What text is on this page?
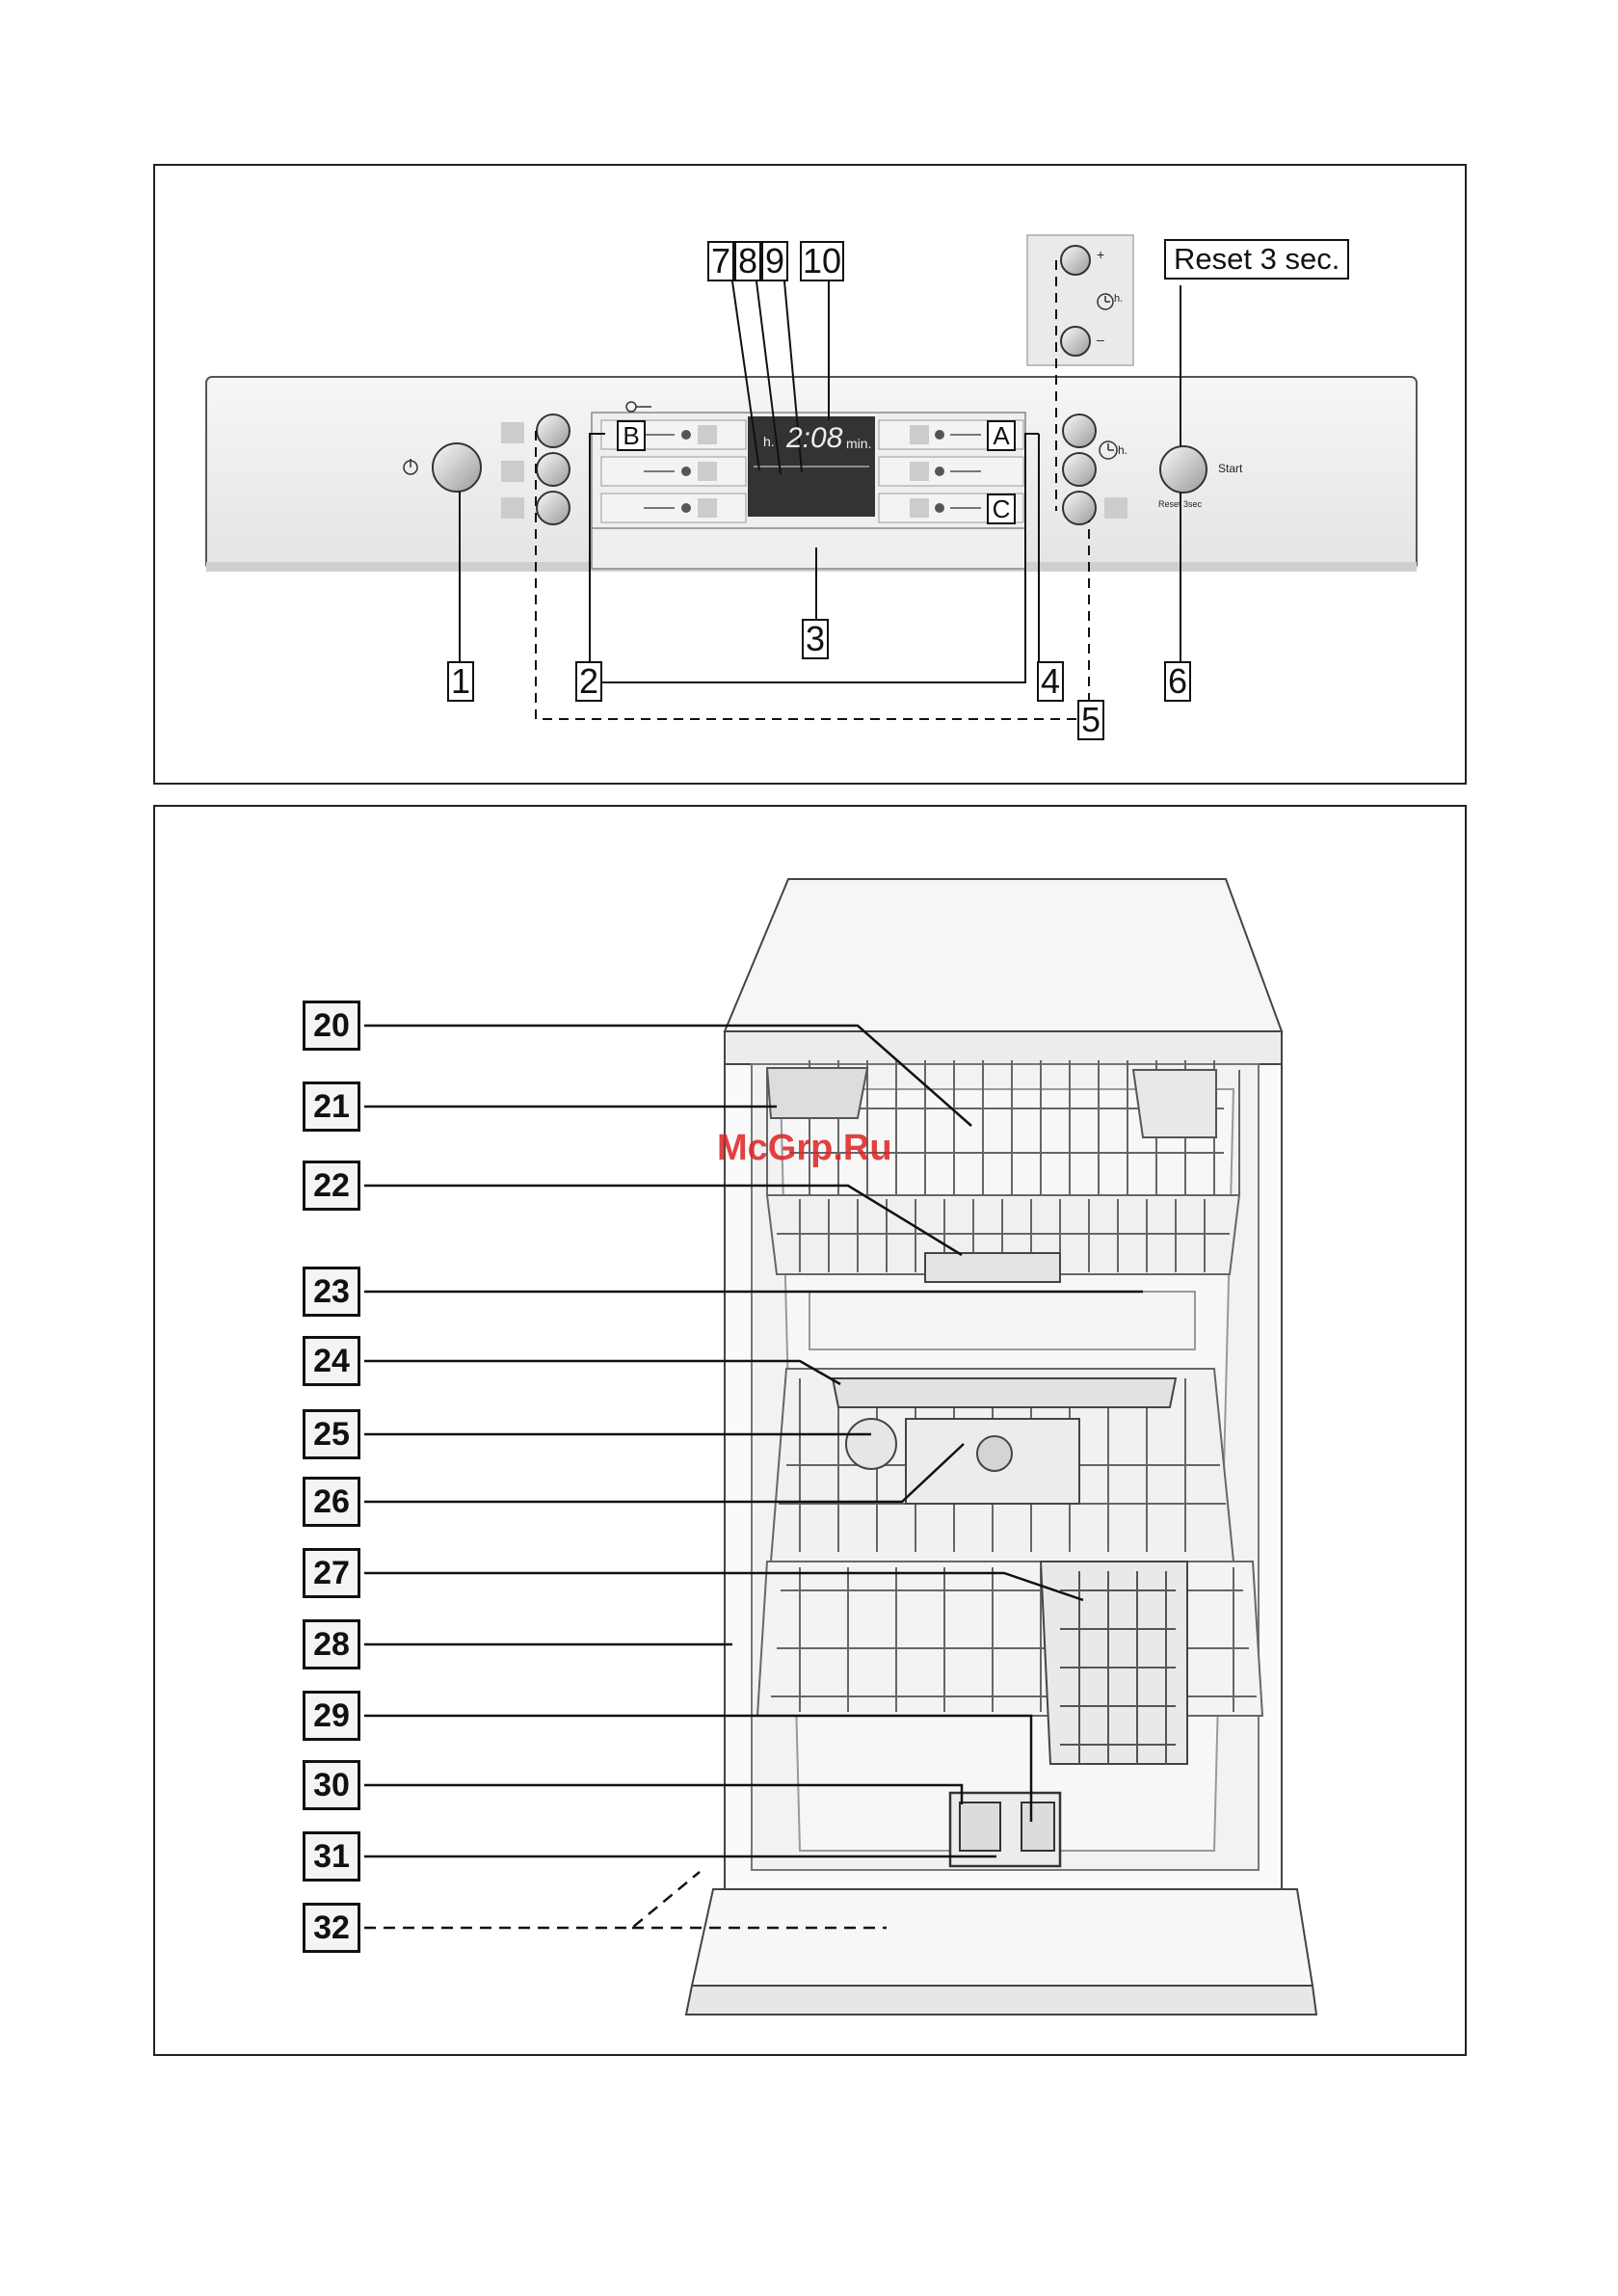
1	2
3
4
5
6
7 8 9 10	Reset 3 sec.
h. 2:08 min.
B	A
C
Start
Reset 3sec
h.
+
–
h.
20
21
22
23
24
25
26
27
28
29
30
31
32
McGrp.Ru
